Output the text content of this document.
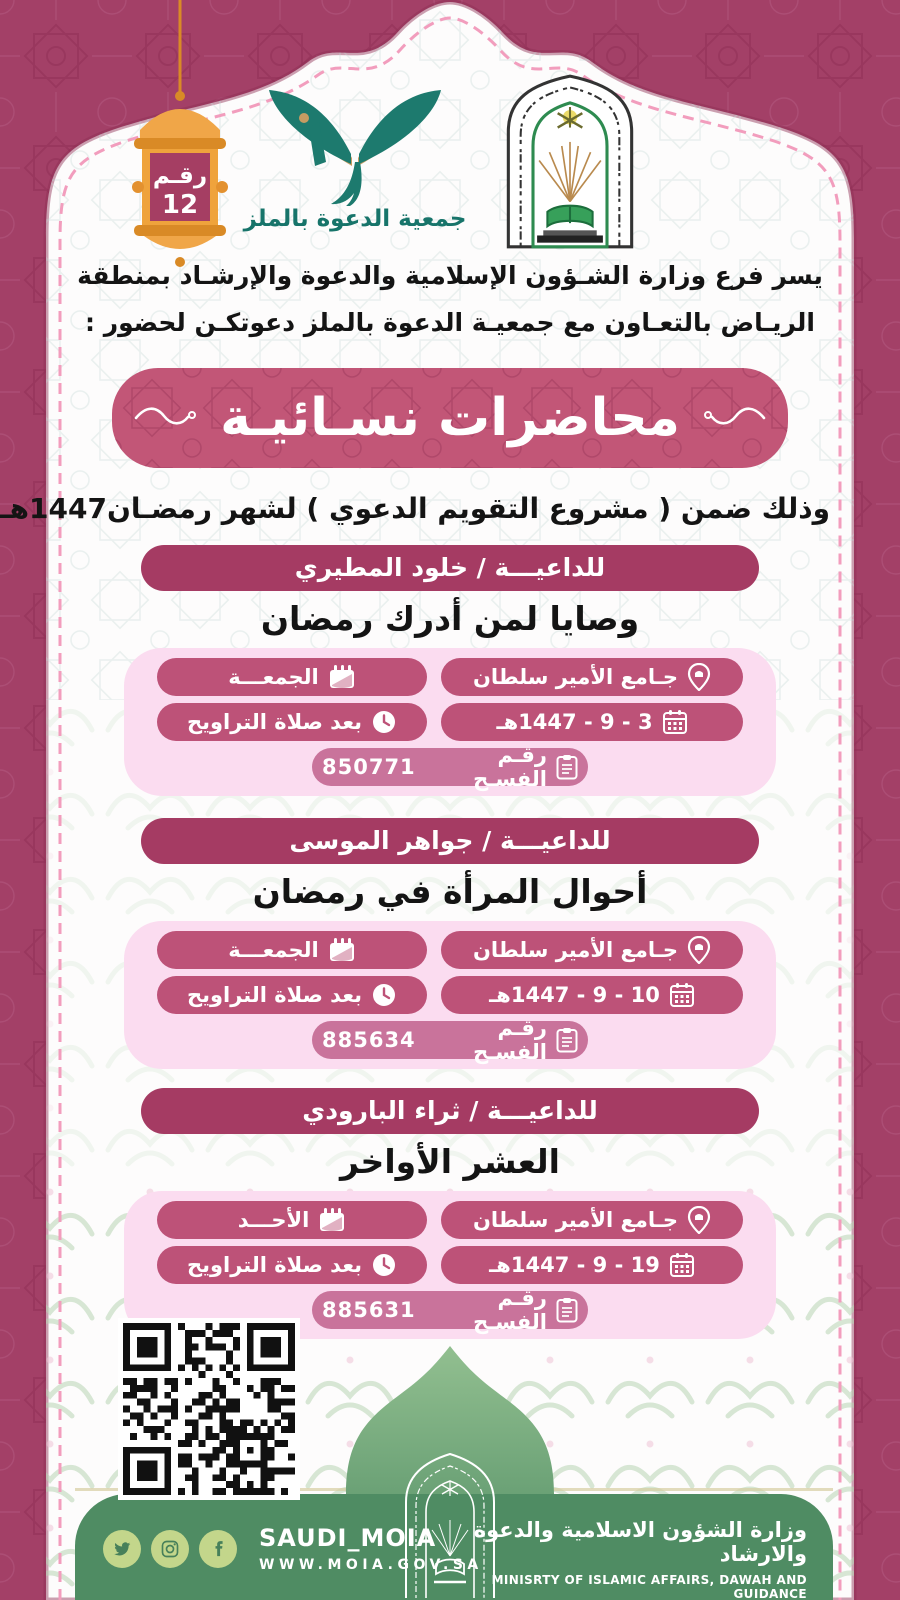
رقـم
12 جمعية الدعوة بالملز
يسر فرع وزارة الشـؤون الإسلامية والدعوة والإرشـاد بمنطقة
الريـاض بالتعـاون مع جمعيـة الدعوة بالملز دعوتكـن لحضور :
محاضرات نسـائيـة
وذلك ضمن ( مشروع التقويم الدعوي ) لشهر رمضـان1447هـ
للداعيـــة / خلود المطيري
وصايا لمن أدرك رمضان
جـامع الأمير سلطان
الجمعـــة
3 - 9 - 1447هـ
بعد صلاة التراويح
رقـم الفسـح
850771
للداعيـــة / جواهر الموسى
أحوال المرأة في رمضان
جـامع الأمير سلطان
الجمعـــة
10 - 9 - 1447هـ
بعد صلاة التراويح
رقـم الفسـح
885634
للداعيـــة / ثراء البارودي
العشر الأواخر
جـامع الأمير سلطان
الأحـــد
19 - 9 - 1447هـ
بعد صلاة التراويح
رقـم الفسـح
885631
SAUDI_MOIA
WWW.MOIA.GOV.SA
وزارة الشؤون الاسلامية والدعوة والارشاد
MINISRTY OF ISLAMIC AFFAIRS, DAWAH AND GUIDANCE
